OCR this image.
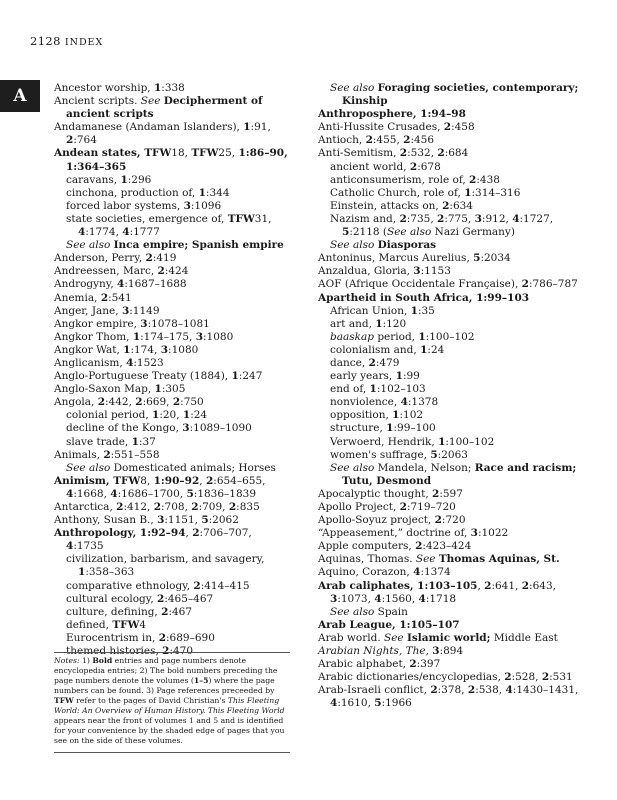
2128 INDEX
A	Ancestor worship, 1:338

Ancient scripts. See Decipherment of ancient scripts

Andamanese (Andaman Islanders), 1:91, 2:764

Andean states, TFW18, TFW25, 1:86–90, 1:364–365

caravans, 1:296

cinchona, production of, 1:344

forced labor systems, 3:1096

state societies, emergence of, TFW31, 4:1774, 4:1777

See also Inca empire; Spanish empire

Anderson, Perry, 2:419

Andreessen, Marc, 2:424

Androgyny, 4:1687–1688

Anemia, 2:541

Anger, Jane, 3:1149

Angkor empire, 3:1078–1081

Angkor Thom, 1:174–175, 3:1080

Angkor Wat, 1:174, 3:1080

Anglicanism, 4:1523

Anglo-Portuguese Treaty (1884), 1:247

Anglo-Saxon Map, 1:305

Angola, 2:442, 2:669, 2:750

colonial period, 1:20, 1:24

decline of the Kongo, 3:1089–1090

slave trade, 1:37

Animals, 2:551–558

See also Domesticated animals; Horses

Animism, TFW8, 1:90–92, 2:654–655, 4:1668, 4:1686–1700, 5:1836–1839

Antarctica, 2:412, 2:708, 2:709, 2:835

Anthony, Susan B., 3:1151, 5:2062

Anthropology, 1:92–94, 2:706–707, 4:1735

civilization, barbarism, and savagery, 1:358–363

comparative ethnology, 2:414–415

cultural ecology, 2:465–467

culture, defining, 2:467

defined, TFW4

Eurocentrism in, 2:689–690

themed histories, 2:470

See also Foraging societies, contemporary; Kinship

Anthroposphere, 1:94–98

Anti-Hussite Crusades, 2:458

Antioch, 2:455, 2:456

Anti-Semitism, 2:532, 2:684

ancient world, 2:678

anticonsumerism, role of, 2:438

Catholic Church, role of, 1:314–316

Einstein, attacks on, 2:634

Nazism and, 2:735, 2:775, 3:912, 4:1727, 5:2118 (See also Nazi Germany)

See also Diasporas

Antoninus, Marcus Aurelius, 5:2034

Anzaldua, Gloria, 3:1153

AOF (Afrique Occidentale Française), 2:786–787

Apartheid in South Africa, 1:99–103

African Union, 1:35

art and, 1:120

baaskap period, 1:100–102

colonialism and, 1:24

dance, 2:479

early years, 1:99

end of, 1:102–103

nonviolence, 4:1378

opposition, 1:102

structure, 1:99–100

Verwoerd, Hendrik, 1:100–102

women's suffrage, 5:2063

See also Mandela, Nelson; Race and racism; Tutu, Desmond

Apocalyptic thought, 2:597

Apollo Project, 2:719–720

Apollo-Soyuz project, 2:720

“Appeasement,” doctrine of, 3:1022

Apple computers, 2:423–424

Aquinas, Thomas. See Thomas Aquinas, St.

Aquino, Corazon, 4:1374

Arab caliphates, 1:103–105, 2:641, 2:643, 3:1073, 4:1560, 4:1718

See also Spain

Arab League, 1:105–107

Arab world. See Islamic world; Middle East

Arabian Nights, The, 3:894

Arabic alphabet, 2:397

Arabic dictionaries/encyclopedias, 2:528, 2:531

Arab-Israeli conflict, 2:378, 2:538, 4:1430–1431, 4:1610, 5:1966

Notes: 1) Bold entries and page numbers denote encyclopedia entries; 2) The bold numbers preceding the page numbers denote the volumes (1–5) where the page numbers can be found. 3) Page references preceeded by TFW refer to the pages of David Christian's This Fleeting World: An Overview of Human History. This Fleeting World appears near the front of volumes 1 and 5 and is identified for your convenience by the shaded edge of pages that you see on the side of these volumes.
